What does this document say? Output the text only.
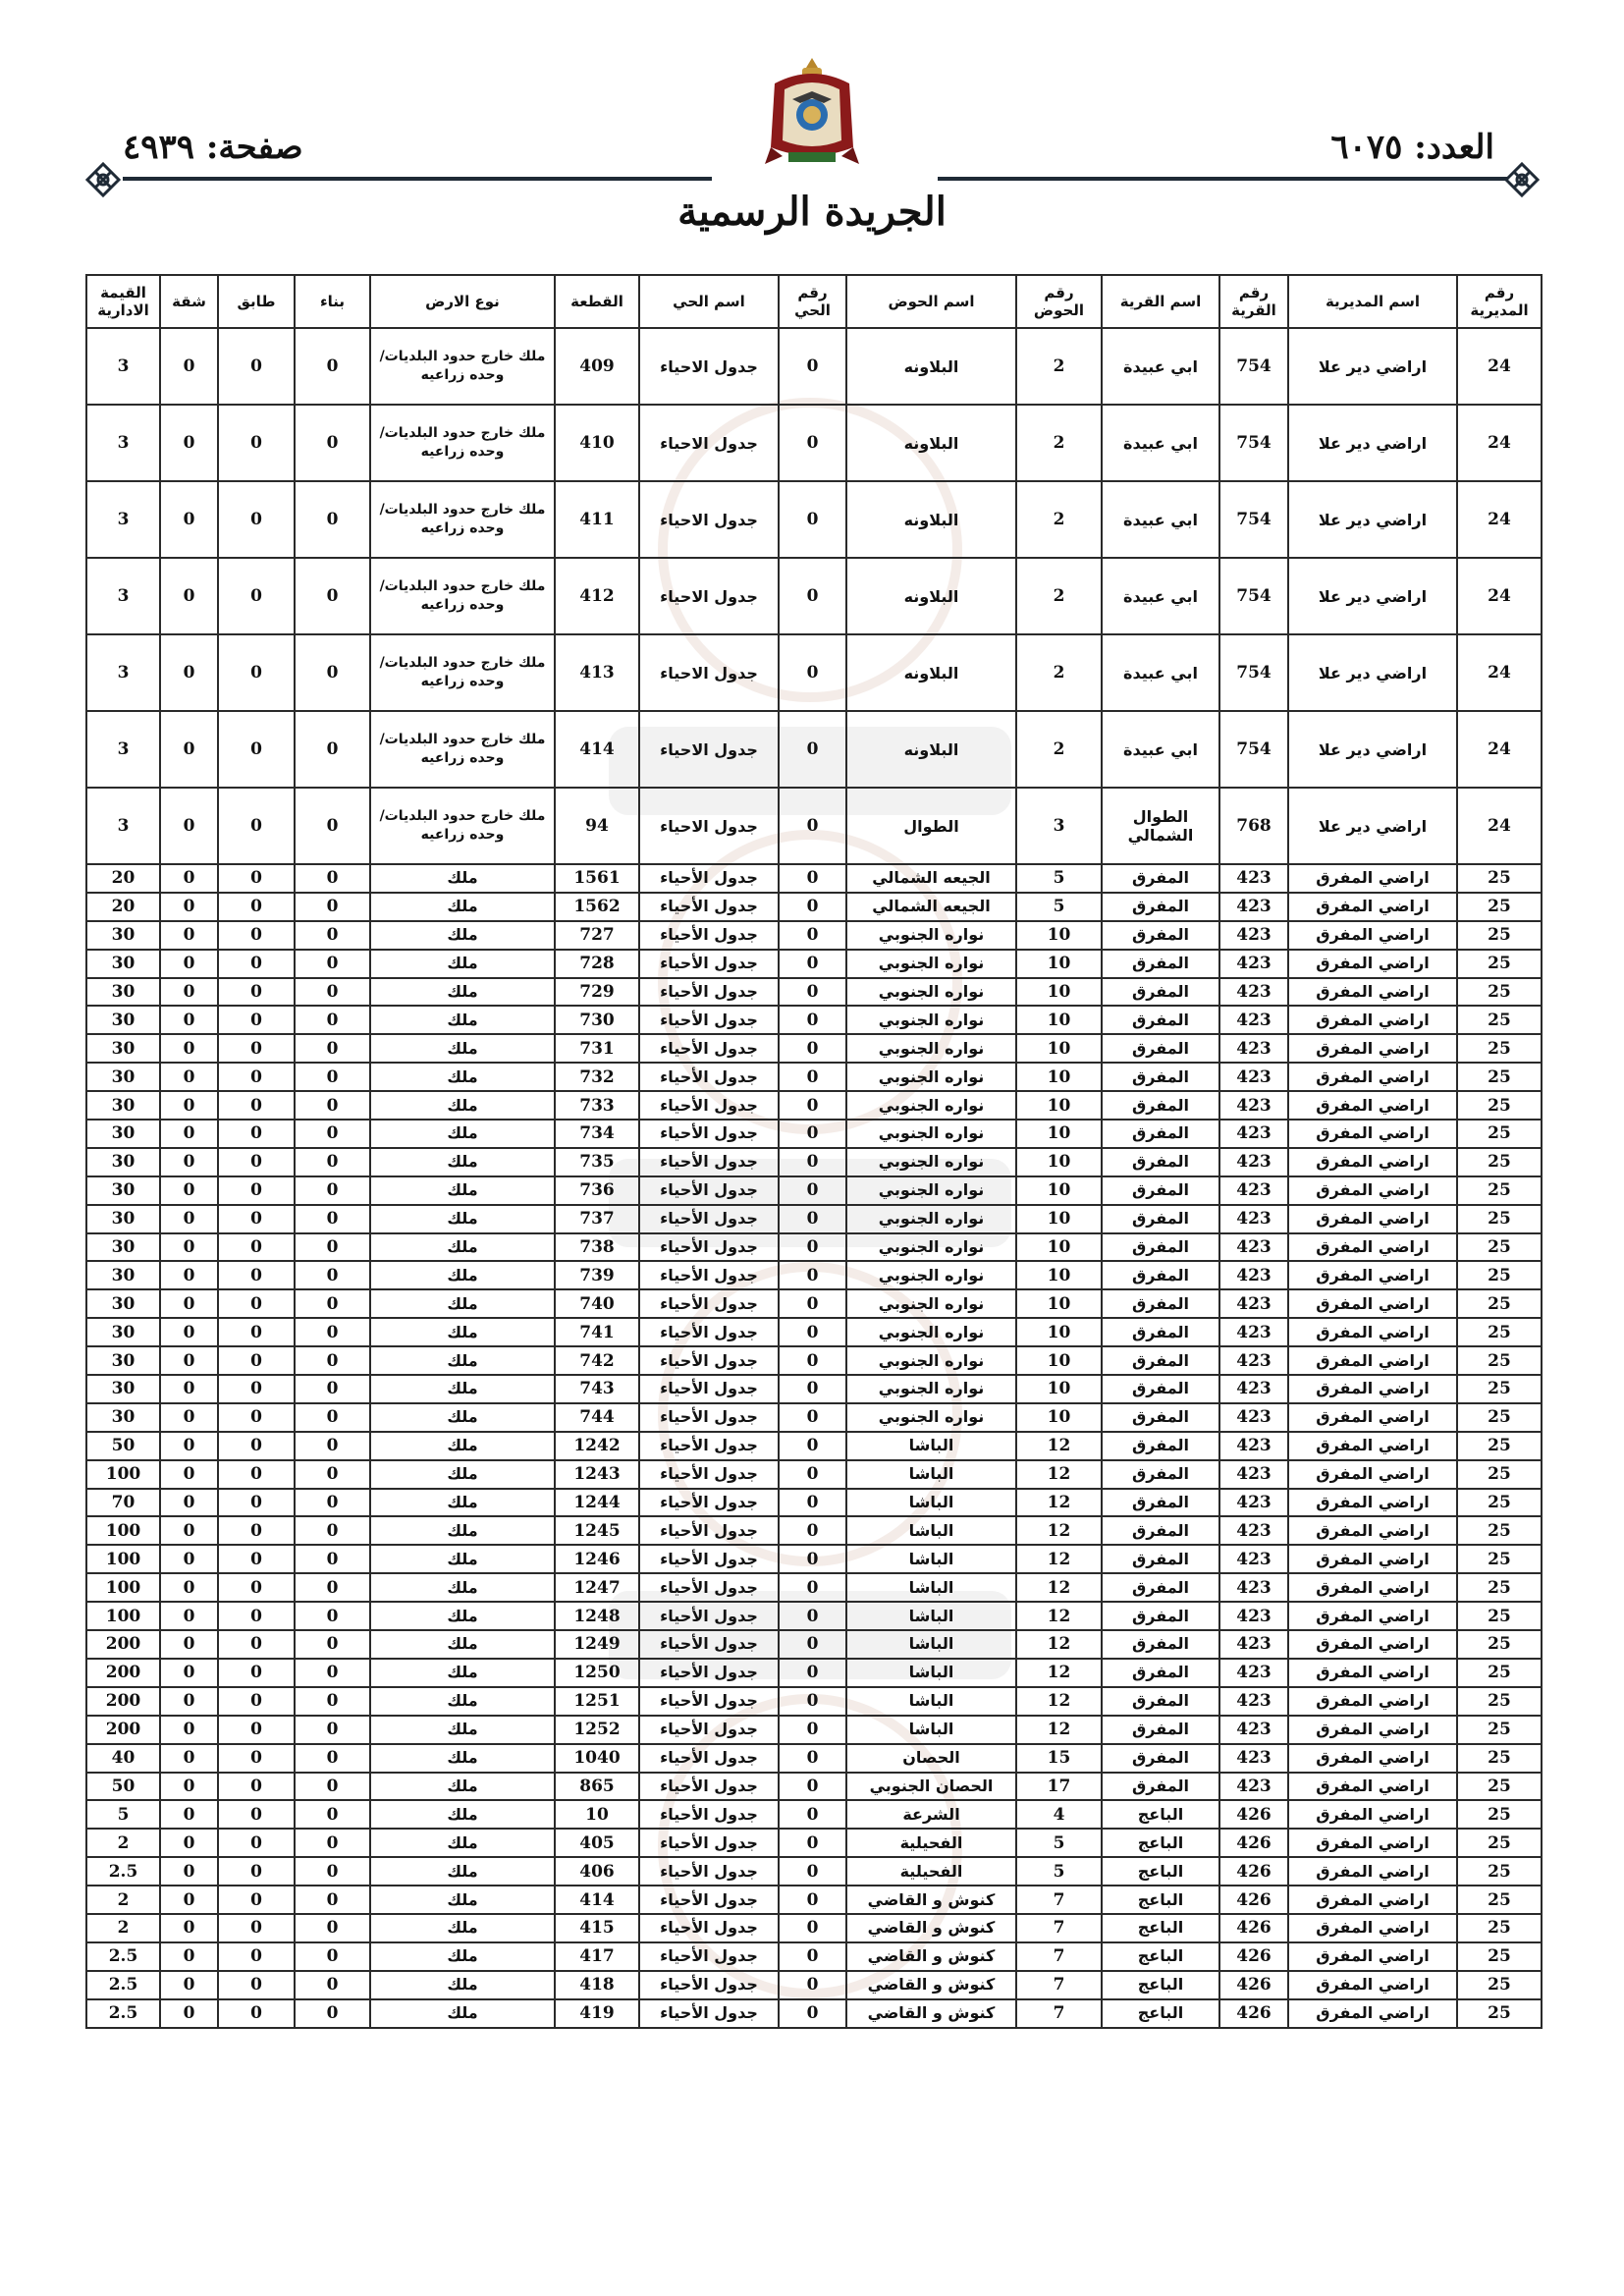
العدد: ٦٠٧٥
صفحة: ٤٩٣٩
الجريدة الرسمية
رقم المديرية	اسم المديرية	رقم القرية	اسم القرية	رقم الحوض	اسم الحوض	رقم الحي	اسم الحي	القطعة	نوع الارض	بناء	طابق	شقة	القيمة الادارية
24	اراضي دير علا	754	ابي عبيدة	2	البلاونه	0	جدول الاحياء	409	ملك خارج حدود البلديات/وحده زراعيه	0	0	0	3
24	اراضي دير علا	754	ابي عبيدة	2	البلاونه	0	جدول الاحياء	410	ملك خارج حدود البلديات/وحده زراعيه	0	0	0	3
24	اراضي دير علا	754	ابي عبيدة	2	البلاونه	0	جدول الاحياء	411	ملك خارج حدود البلديات/وحده زراعيه	0	0	0	3
24	اراضي دير علا	754	ابي عبيدة	2	البلاونه	0	جدول الاحياء	412	ملك خارج حدود البلديات/وحده زراعيه	0	0	0	3
24	اراضي دير علا	754	ابي عبيدة	2	البلاونه	0	جدول الاحياء	413	ملك خارج حدود البلديات/وحده زراعيه	0	0	0	3
24	اراضي دير علا	754	ابي عبيدة	2	البلاونه	0	جدول الاحياء	414	ملك خارج حدود البلديات/وحده زراعيه	0	0	0	3
24	اراضي دير علا	768	الطوال الشمالي	3	الطوال	0	جدول الاحياء	94	ملك خارج حدود البلديات/وحده زراعيه	0	0	0	3
25	اراضي المفرق	423	المفرق	5	الجيعه الشمالي	0	جدول الأحياء	1561	ملك	0	0	0	20
25	اراضي المفرق	423	المفرق	5	الجيعه الشمالي	0	جدول الأحياء	1562	ملك	0	0	0	20
25	اراضي المفرق	423	المفرق	10	نواره الجنوبي	0	جدول الأحياء	727	ملك	0	0	0	30
25	اراضي المفرق	423	المفرق	10	نواره الجنوبي	0	جدول الأحياء	728	ملك	0	0	0	30
25	اراضي المفرق	423	المفرق	10	نواره الجنوبي	0	جدول الأحياء	729	ملك	0	0	0	30
25	اراضي المفرق	423	المفرق	10	نواره الجنوبي	0	جدول الأحياء	730	ملك	0	0	0	30
25	اراضي المفرق	423	المفرق	10	نواره الجنوبي	0	جدول الأحياء	731	ملك	0	0	0	30
25	اراضي المفرق	423	المفرق	10	نواره الجنوبي	0	جدول الأحياء	732	ملك	0	0	0	30
25	اراضي المفرق	423	المفرق	10	نواره الجنوبي	0	جدول الأحياء	733	ملك	0	0	0	30
25	اراضي المفرق	423	المفرق	10	نواره الجنوبي	0	جدول الأحياء	734	ملك	0	0	0	30
25	اراضي المفرق	423	المفرق	10	نواره الجنوبي	0	جدول الأحياء	735	ملك	0	0	0	30
25	اراضي المفرق	423	المفرق	10	نواره الجنوبي	0	جدول الأحياء	736	ملك	0	0	0	30
25	اراضي المفرق	423	المفرق	10	نواره الجنوبي	0	جدول الأحياء	737	ملك	0	0	0	30
25	اراضي المفرق	423	المفرق	10	نواره الجنوبي	0	جدول الأحياء	738	ملك	0	0	0	30
25	اراضي المفرق	423	المفرق	10	نواره الجنوبي	0	جدول الأحياء	739	ملك	0	0	0	30
25	اراضي المفرق	423	المفرق	10	نواره الجنوبي	0	جدول الأحياء	740	ملك	0	0	0	30
25	اراضي المفرق	423	المفرق	10	نواره الجنوبي	0	جدول الأحياء	741	ملك	0	0	0	30
25	اراضي المفرق	423	المفرق	10	نواره الجنوبي	0	جدول الأحياء	742	ملك	0	0	0	30
25	اراضي المفرق	423	المفرق	10	نواره الجنوبي	0	جدول الأحياء	743	ملك	0	0	0	30
25	اراضي المفرق	423	المفرق	10	نواره الجنوبي	0	جدول الأحياء	744	ملك	0	0	0	30
25	اراضي المفرق	423	المفرق	12	الباشا	0	جدول الأحياء	1242	ملك	0	0	0	50
25	اراضي المفرق	423	المفرق	12	الباشا	0	جدول الأحياء	1243	ملك	0	0	0	100
25	اراضي المفرق	423	المفرق	12	الباشا	0	جدول الأحياء	1244	ملك	0	0	0	70
25	اراضي المفرق	423	المفرق	12	الباشا	0	جدول الأحياء	1245	ملك	0	0	0	100
25	اراضي المفرق	423	المفرق	12	الباشا	0	جدول الأحياء	1246	ملك	0	0	0	100
25	اراضي المفرق	423	المفرق	12	الباشا	0	جدول الأحياء	1247	ملك	0	0	0	100
25	اراضي المفرق	423	المفرق	12	الباشا	0	جدول الأحياء	1248	ملك	0	0	0	100
25	اراضي المفرق	423	المفرق	12	الباشا	0	جدول الأحياء	1249	ملك	0	0	0	200
25	اراضي المفرق	423	المفرق	12	الباشا	0	جدول الأحياء	1250	ملك	0	0	0	200
25	اراضي المفرق	423	المفرق	12	الباشا	0	جدول الأحياء	1251	ملك	0	0	0	200
25	اراضي المفرق	423	المفرق	12	الباشا	0	جدول الأحياء	1252	ملك	0	0	0	200
25	اراضي المفرق	423	المفرق	15	الحصان	0	جدول الأحياء	1040	ملك	0	0	0	40
25	اراضي المفرق	423	المفرق	17	الحصان الجنوبي	0	جدول الأحياء	865	ملك	0	0	0	50
25	اراضي المفرق	426	الباعج	4	الشرعة	0	جدول الأحياء	10	ملك	0	0	0	5
25	اراضي المفرق	426	الباعج	5	الفحيلية	0	جدول الأحياء	405	ملك	0	0	0	2
25	اراضي المفرق	426	الباعج	5	الفحيلية	0	جدول الأحياء	406	ملك	0	0	0	2.5
25	اراضي المفرق	426	الباعج	7	كنوش و القاضي	0	جدول الأحياء	414	ملك	0	0	0	2
25	اراضي المفرق	426	الباعج	7	كنوش و القاضي	0	جدول الأحياء	415	ملك	0	0	0	2
25	اراضي المفرق	426	الباعج	7	كنوش و القاضي	0	جدول الأحياء	417	ملك	0	0	0	2.5
25	اراضي المفرق	426	الباعج	7	كنوش و القاضي	0	جدول الأحياء	418	ملك	0	0	0	2.5
25	اراضي المفرق	426	الباعج	7	كنوش و القاضي	0	جدول الأحياء	419	ملك	0	0	0	2.5
